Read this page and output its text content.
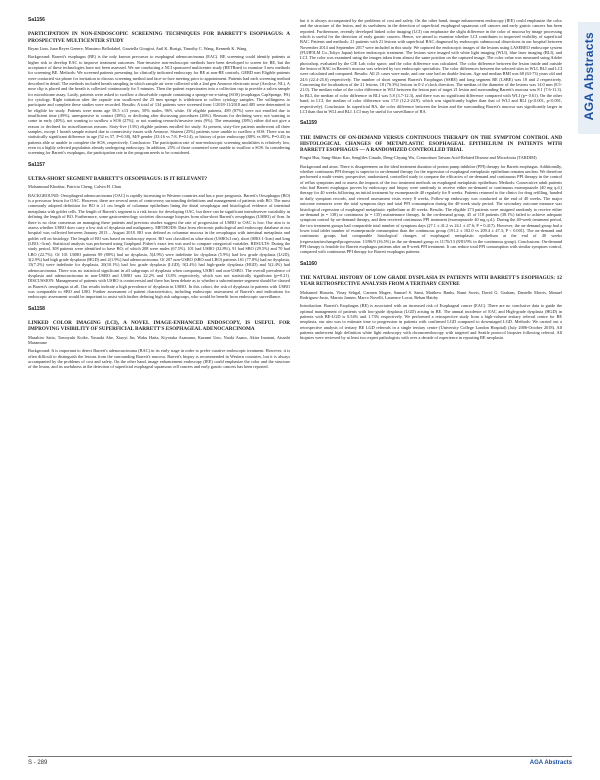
AGA Abstracts
Sa1156
PARTICIPATION IN NON-ENDOSCOPIC SCREENING TECHNIQUES FOR BARRETT'S ESOPHAGUS: A PROSPECTIVE MULTICENTER STUDY
Bryan Linn, Juan Reyes Genere, Massimo Bellodabel, Graziella Giorgini, Anil K. Rustgi, Timothy C. Wang, Kenneth K. Wang
Background: Barrett's esophagus (BE) is the only known precursor to esophageal adenocarcinoma (EAC). BE screening could identify patients at higher risk to develop EAC to improve treatment outcomes. Non-invasive non-endoscopic methods have been developed to screen for BE, but the acceptance of these technologies have not been assessed. We are conducting a NCI sponsored multicenter study (BETRnet) to examine 3 new methods for screening BE. Methods: We screened patients presenting for clinically indicated endoscopy for BE at non-BE controls. GERD met Eligible patients were contacted via phone for invitation to discuss screening method and face-to-face meeting prior to appointment. Patients had each screening method described in detail. The methods included breath sampling in which sample air were collected with a 2nd gen Aeonose electronic nose (Aeolyse, NL). A nose clip is placed and the breath is collected continuously for 5 minutes. Then the patient expectorates into a collection cup to provide a saliva sample for microbiome assay. Lastly, patients were asked to swallow a dissolvable capsule containing a sponge-on-a-string (SOS) (esophagus CapSponge, PA) for cytology. Right initiation after the capsule was swallowed the 25 mm sponge is withdrawn to collect cytology samples. The willingness to participate and complete these studies were recorded. Results: A total of 134 patients were screened from 1/2018-11/2018 and 485 were determined to be eligible for study. Patients were mean age 58.5 ±13 years, 50% males, 96% white. Of eligible patients, 489 (87%) were not enrolled due to insufficient time (49%), unresponsive to contact (38%), or declining after discussing procedures (26%). Reasons for declining were, not wanting to come in early (40%), not wanting to swallow a SOS (27%), or not wanting research/invasive tests (9%). The remaining (38%) either did not give a reason or declined for miscellaneous reasons. Sixty-five (13%) eligible patients enrolled for study. At present, sixty-five patients underwent all three samples, except 1 breath sample missed due to connectivity issues with Aeonose. Sixteen (25%) patients were unable to swallow a SOS. There was no statistically significant difference in age (52 vs 57, P=0.38), M/F gender (33:16 vs 7:8, P=0.14), or history of prior endoscopy (88% vs 80%, P=0.43) in patients able or unable to complete the SOS, respectively. Conclusion: The participation rate of non-endoscopic screening modalities is relatively low, even in a highly selected population already undergoing endoscopy. In addition, 25% of those consented were unable to swallow a SOS. In considering screening for Barrett's esophagus, the participation rate in the program needs to be considered.
Sa1157
ULTRA-SHORT SEGMENT BARRETT'S OESOPHAGUS: IS IT RELEVANT?
Mohammad Khodear, Patricia Cheng, Calvin H. Chan
BACKGROUND: Oesophageal adenocarcinoma (OAC) is rapidly increasing in Western countries and has a poor prognosis. Barrett's Oesophagus (BO) is a precursor lesion for OAC. However, there are several areas of controversy surrounding definitions and management of patients with BO. The most commonly adopted definition for BO is ≥1 cm length of columnar epithelium lining the distal oesophagus and histological evidence of intestinal metaplasia with goblet cells. The length of Barrett's segment is a risk factor for developing OAC, but there can be significant interobserver variability in defining the length of BO. Furthermore, some gastroenterology societies discourage biopsies from ultra-short Barrett's oesophagus (USBO) of 0cm. In there is no clear consensus on managing these patients and previous studies suggest the rate of progression of USBO to OAC is low. Our aim is to assess whether USBO does carry a low risk of dysplasia and malignancy. METHODS: Data from electronic pathological and endoscopy database at our hospital was collected between January 2013 – August 2018. BO was defined as columnar mucosa in the oesophagus with intestinal metaplasia and goblet cell on histology. The length of BO was based on endoscopy report. BO was classified as ultra-short (USBO≤1cm), short (SBO:1-3cm) and long (LBO:>3cm). Statistical analysis was performed using Graphpad. Fisher's exact test was used to compare categorical variables. RESULTS: During the study period, 308 patients were identified to have BO; of which 208 were males (67.5%). 101 had USBO (32.8%), 91 had SBO (29.5%) and 70 had LBO (22.7%). Of 101 USBO patients 89 (88%) had no dysplasia, 5(4.9%) were indefinite for dysplasia (5.9%) had low grade dysplasia (LGD), 3(2.9%) had high grade dysplasia (HGD) and 2(1.9%) had adenocarcinoma. Of 207 non-USBO (SBO and LBO) patients 161 (77.8%) had no dysplasia, 15(7.2%) were indefinite for dysplasia, 20(10.1%) had low grade dysplasia (LGD), 9(2.4%) had high-grade dysplasia (HGD) and 5(2.4%) had adenocarcinoma. There was no statistical significant in all subgroups of dysplasia when comparing USBO and non-USBO. The overall prevalence of dysplasia and adenocarcinoma in non-USBO and USBO was 22.2% and 13.8% respectively, which was not statistically significant (p=0.21). DISCUSSION: Management of patients with USBO is controversial and there has been debate as to whether a subcentimetre segment should be classed as Barrett's oesophagus at all. Our results indicate a high prevalence of dysplasia in USBO. In this cohort, the risk of dysplasia in patients with USBO was comparable to SBO and LBO. Further assessment of patient characteristics, including endoscopic assessment of Barrett's and indications for endoscopic assessment would be important to assist with further defining high risk subgroups, who would be benefit from endoscopic surveillance.
Sa1158
LINKED COLOR IMAGING (LCI), A NOVEL IMAGE-ENHANCED ENDOSCOPY, IS USEFUL FOR IMPROVING VISIBILITY OF SUPERFICIAL BARRETT'S ESOPHAGEAL ADENOCARCINOMA
Masahiro Saito, Tomoyuki Koike, Yasuaki Abe, Xiaoyi Jin, Waku Hatta, Kiyotaka Asanuma, Kazumi Uno, Naoki Asano, Akira Imatani, Atsushi Masamune
Background: It is important to detect Barrett's adenocarcinoma (BAC) in its early stage in order to prefer curative endoscopic treatment. However, it is often difficult to distinguish the lesions from the surrounding Barrett's mucosa. Barrett's biopsy is recommended in Western countries, but it is always accompanied by the problems of cost and safety. On the other hand, image enhancement endoscopy (IEE) could emphasize the color and the structure of the lesion, and its usefulness in the detection of superficial esophageal squamous cell cancers and early gastric cancers has been reported.
but it is always accompanied by the problems of cost and safety. On the other hand, image enhancement endoscopy (IEE) could emphasize the color and the structure of the lesion, and its usefulness in the detection of superficial esophageal squamous cell cancers and early gastric cancers has been reported. Furthermore, recently developed linked color imaging (LCI) can emphasize the slight difference in the color of mucosa by image processing which is useful for the detection of early gastric cancers. Hence, we aimed to examine whether LCI contributes to improved visibility of superficial BAC. Patients and methods: 21 patients with 21 lesions with superficial BAC diagnosed by endoscopic submucosal dissections in our hospital between November 2014 and September 2017 were included in this study. We captured the endoscopic images of the lesions using LASEREO endoscope system (FUJIFILM Co.,Tokyo Japan) before endoscopic treatment. The lesions were imaged with white light imaging (WLI), blue laser imaging (BLI), and LCI. The color was examined using the images taken from almost the same position on the captured image. The color value was measured using Adobe photoshop, evaluated by the CIE Lab color space, and the color difference was calculated. The color difference between the lesion inside and outside the lesion of BAC in Barrett's mucosa was selected by two endoscopic specialists. The color differences between the selected sites in WLI, BLI and LCI were calculated and compared. Results: All 21 cases were male, and one case had an double lesions. Age and median BMI was 68 (63-73) years old and 24.6 (22.4-25.6) respectively. The number of short segment Barrett's Esophagus (SSBE) and long segment BE (LSBE) was 18 and 2 respectively. Concerning the localization of the 21 lesions, 18 (76.3%) lesions in 0-2 o'clock direction. The median of the diameter of the lesions was 14.0 mm (8.5-21.0). The median value of the color difference in WLI between the lesion part of target 21 lesion and surrounding Barrett's mucosa was 8.1 (7.6-11.3). In BLI, the median of color difference in BLI was 5.8 (3.7-12.3), and there was no significant difference compared with WLI (p= 0.61). On the other hand, in LCI, the median of color difference was 17.0 (12.2-24.9), which was significantly higher than that of WLI and BLI (p<0.001, p<0.001, respectively). Conclusion: In superficial BA, the color difference between the lesion and the surrounding Barrett's mucosa was significantly larger in LCI than that in WLI and BLI. LCI may be useful for surveillance of BA.
Sa1159
THE IMPACTS OF ON-DEMAND VERSUS CONTINUOUS THERAPY ON THE SYMPTOM CONTROL AND HISTOLOGICAL CHANGES OF METAPLASTIC ESOPHAGEAL EPITHELIUM IN PATIENTS WITH BARRETT ESOPHAGUS — A RANDOMIZED CONTROLLED TRIAL
Pingxi Hsu, Sung-Shiao Kao, Sengliles Cinado, Deng-Chyang Wu, Consortium Taiwan Acid-Related Disease and Microbiota (TARDIM)
Background and aims: There is disagreement on the ideal treatment duration of proton pump inhibitor (PPI) therapy for Barrett esophagus. Additionally, whether continuous PPI therapy is superior to on-demand therapy for the regression of esophageal metaplastic epithelium remains unclear. We therefore performed a multi-center, prospective, randomized, controlled study to compare the efficacies of on-demand and continuous PPI therapy in the control of reflux symptoms and to assess the impacts of the two treatment methods on esophageal metaplastic epithelium. Methods: Consecutive adult patients who had Barrett esophagus proven by endoscopy and biopsy were randomly to receive either on-demand or continuous esomeprazole (40 mg q.d.) therapy for 40 weeks following an initial treatment by esomeprazole 40 regularly for 8 weeks. Patients returned to the clinics for drug refilling, handed in daily symptom records, and viewed assessment visits every 8 weeks. Follow-up endoscopy was conducted at the end of 40 weeks. The major outcome measures were the total symptom days and total PPI consumption during the 40-week study period. The secondary outcome measure was histological regression of esophageal metaplastic epithelium at 40 weeks. Results: The eligible 273 patients were assigned randomly to receive either on-demand (n = 138) or continuous (n = 135) maintenance therapy. In the on-demand group, 45 of 118 patients (38.1%) failed to achieve adequate symptom control by on-demand therapy, and then received continuous PPI treatment (esomeprazole 40 mg q.d.). During the 40-week treatment period, the two treatment groups had comparable total number of symptom days (27.1 ± 41.2 vs 24.1 ± 47.6; P = 0.417). However, the on-demand group had a lower total tablet number of esomeprazole consumption than the continuous group (191.2 ± 102.0 vs 209.4 ± 47.3; P < 0.001). The on-demand and continuous groups had comparable histological changes of esophageal metaplastic epithelium at the end of 40 weeks (regression/unchanged/progression: 13/96/9 (16.5%) in the on-demand group vs 11/76/13 (8/81/9% in the continuous group). Conclusions: On-demand PPI therapy is feasible for Barrett esophagus patients after an 8-week PPI treatment. It can reduce total PPI consumption with similar symptom control, compared with continuous PPI therapy for Barrett esophagus patients.
Sa1160
THE NATURAL HISTORY OF LOW GRADE DYSPLASIA IN PATIENTS WITH BARRETT'S ESOPHAGUS: 12 YEAR RETROSPECTIVE ANALYSIS FROM A TERTIARY CENTRE
Mohamed Hussein, Vinay Sehgal, Carmen Magee, Samuel S. Sami, Matthew Banks, Rami Sweis, David G. Graham, Danielle Morris, Manuel Rodriguez-Justo, Marnix Jansen, Marco Novelli, Laurence Lovat, Rehan Haidry
Introduction: Barrett's Esophagus (BE) is associated with an increased risk of Esophageal cancer (EAC). There are no conclusive data to guide the optimal management of patients with low-grade dysplasia (LGD) arising in BE. The annual incidence of EAC and High-grade dysplasia (HGD) in patients with BE-LGD is 0.54% and 1.73% respectively. We performed a retrospective study from a high-volume tertiary referral centre for BE neoplasia, our aim was to estimate time to progression in patients with confirmed LGD compared to downstaged LGD. Methods: We carried out a retrospective analysis of tertiary BE LGD referrals in a single tertiary centre (University College London Hospital) (July 2006-October 2018). All patients underwent high definition white light endoscopy with chromoendoscopy with targeted and Seattle protocol biopsies following referral. All biopsies were reviewed by at least two expert pathologists with over a decade of experience in reporting BE neoplasia.
S - 289	AGA Abstracts
